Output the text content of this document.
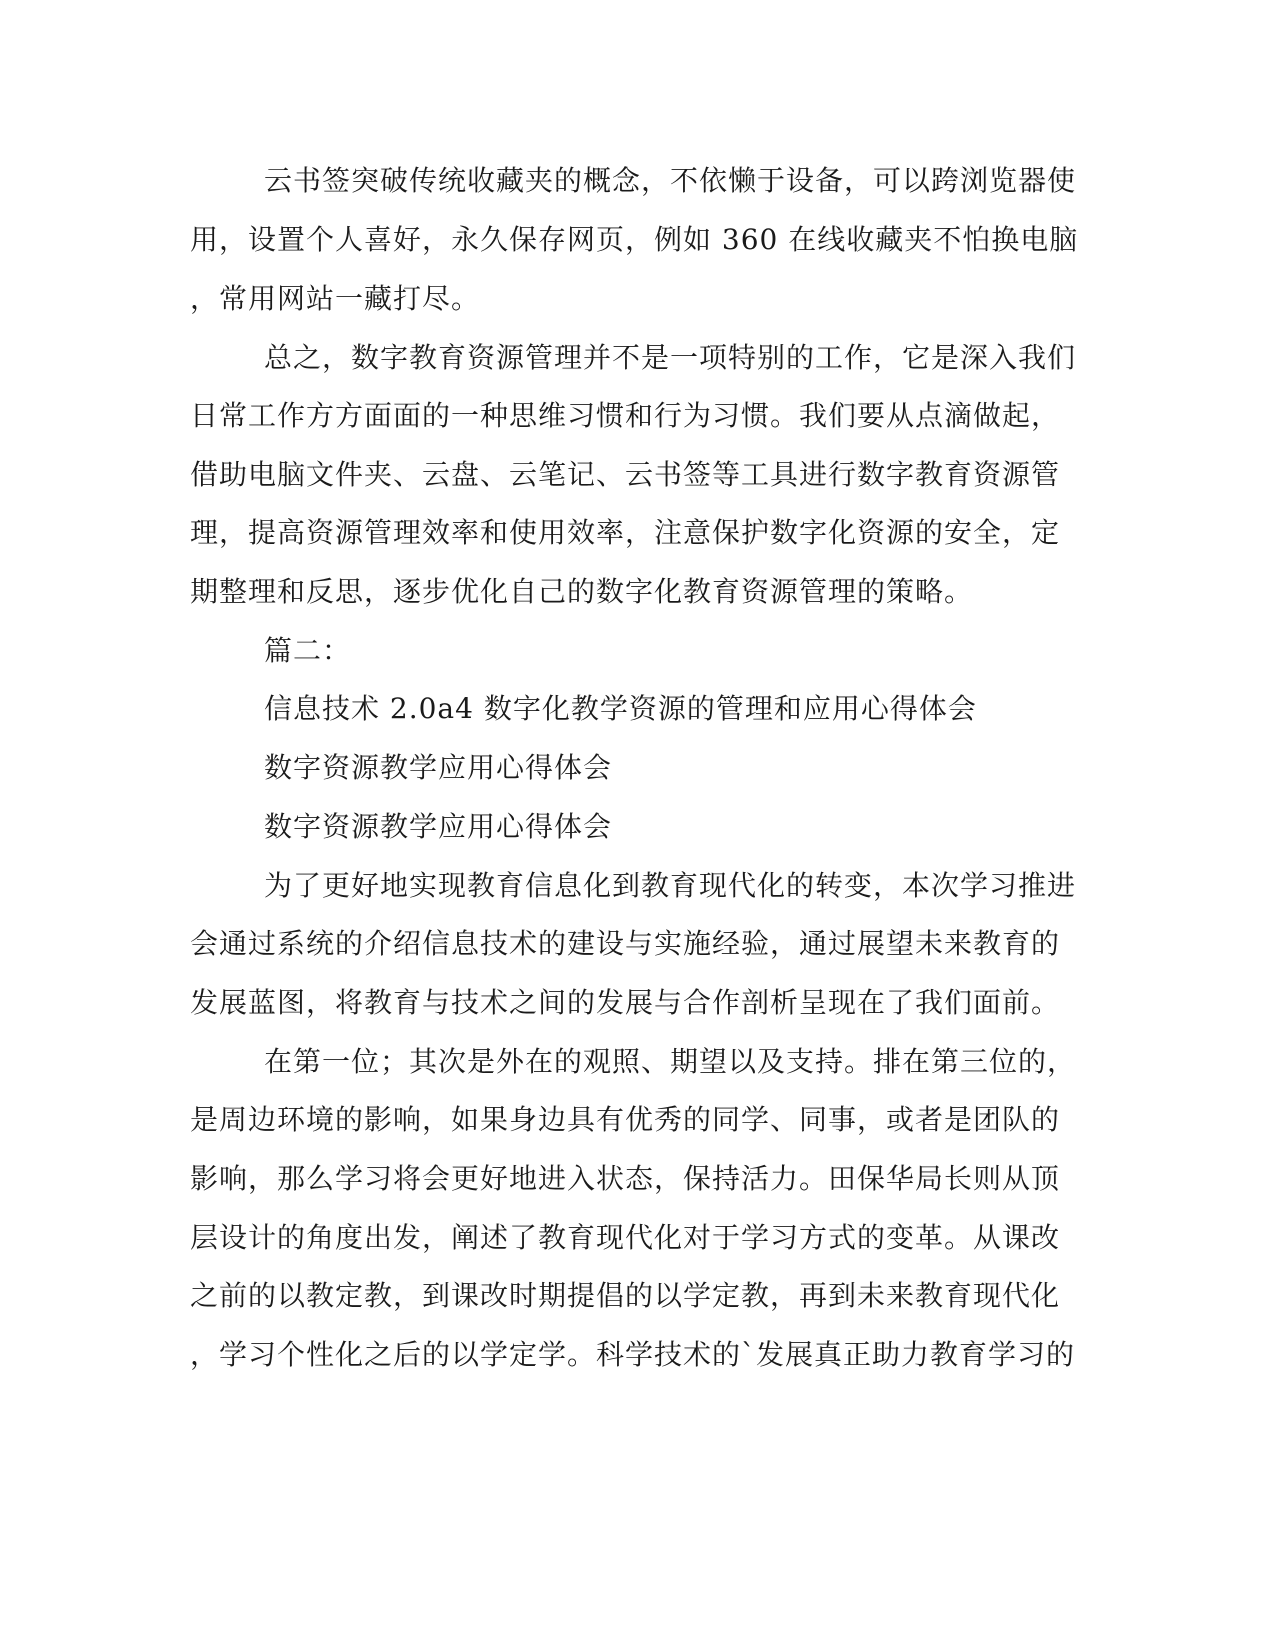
云书签突破传统收藏夹的概念，不依懒于设备，可以跨浏览器使
用，设置个人喜好，永久保存网页，例如 360 在线收藏夹不怕换电脑
，常用网站一藏打尽。
总之，数字教育资源管理并不是一项特别的工作，它是深入我们
日常工作方方面面的一种思维习惯和行为习惯。我们要从点滴做起，
借助电脑文件夹、云盘、云笔记、云书签等工具进行数字教育资源管
理，提高资源管理效率和使用效率，注意保护数字化资源的安全，定
期整理和反思，逐步优化自己的数字化教育资源管理的策略。
篇二：
信息技术 2.0a4 数字化教学资源的管理和应用心得体会
数字资源教学应用心得体会
数字资源教学应用心得体会
为了更好地实现教育信息化到教育现代化的转变，本次学习推进
会通过系统的介绍信息技术的建设与实施经验，通过展望未来教育的
发展蓝图，将教育与技术之间的发展与合作剖析呈现在了我们面前。
在第一位；其次是外在的观照、期望以及支持。排在第三位的，
是周边环境的影响，如果身边具有优秀的同学、同事，或者是团队的
影响，那么学习将会更好地进入状态，保持活力。田保华局长则从顶
层设计的角度出发，阐述了教育现代化对于学习方式的变革。从课改
之前的以教定教，到课改时期提倡的以学定教，再到未来教育现代化
，学习个性化之后的以学定学。科学技术的`发展真正助力教育学习的
